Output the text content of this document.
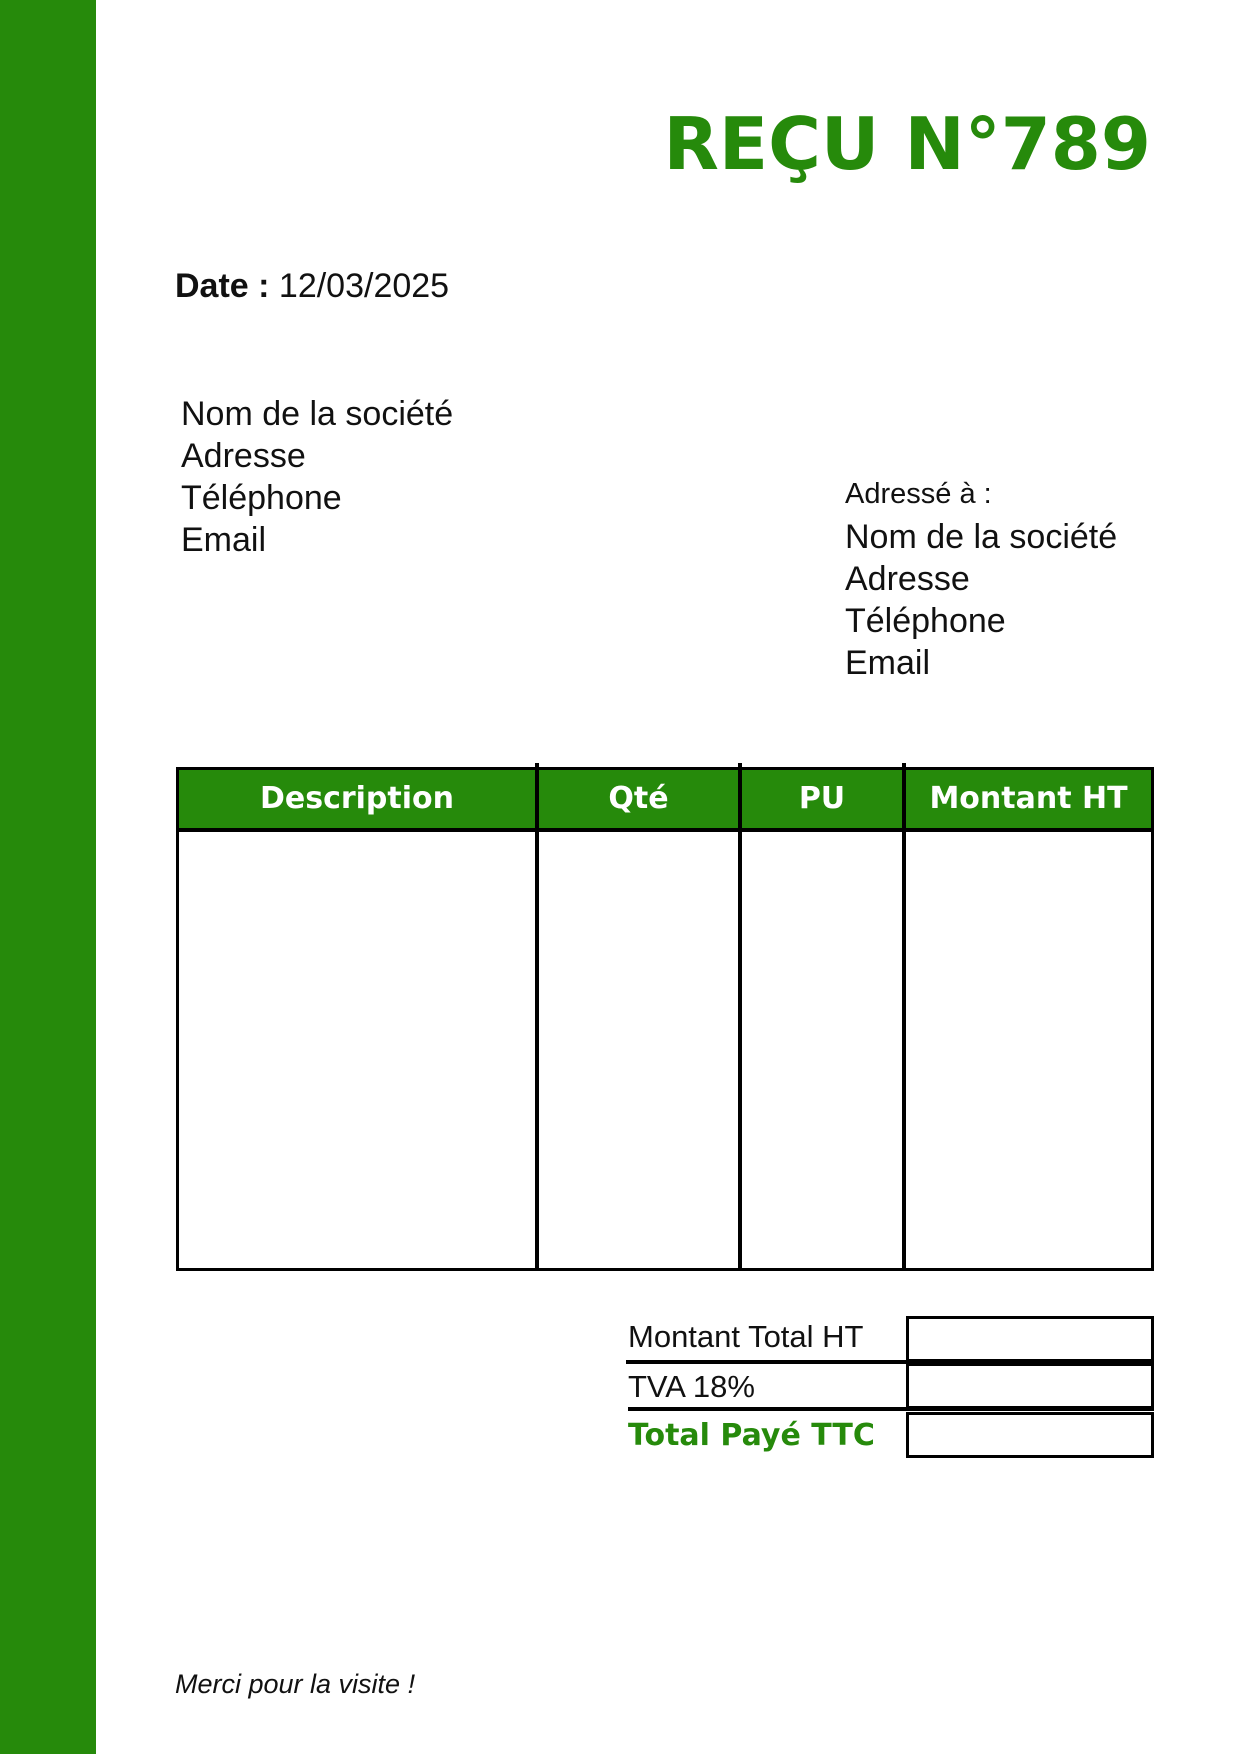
REÇU N°789
Date : 12/03/2025
Nom de la société
Adresse
Téléphone
Email
Adressé à :
Nom de la société
Adresse
Téléphone
Email
Description	Qté	PU	Montant HT
Montant Total HT
TVA 18%
Total Payé TTC
Merci pour la visite !
